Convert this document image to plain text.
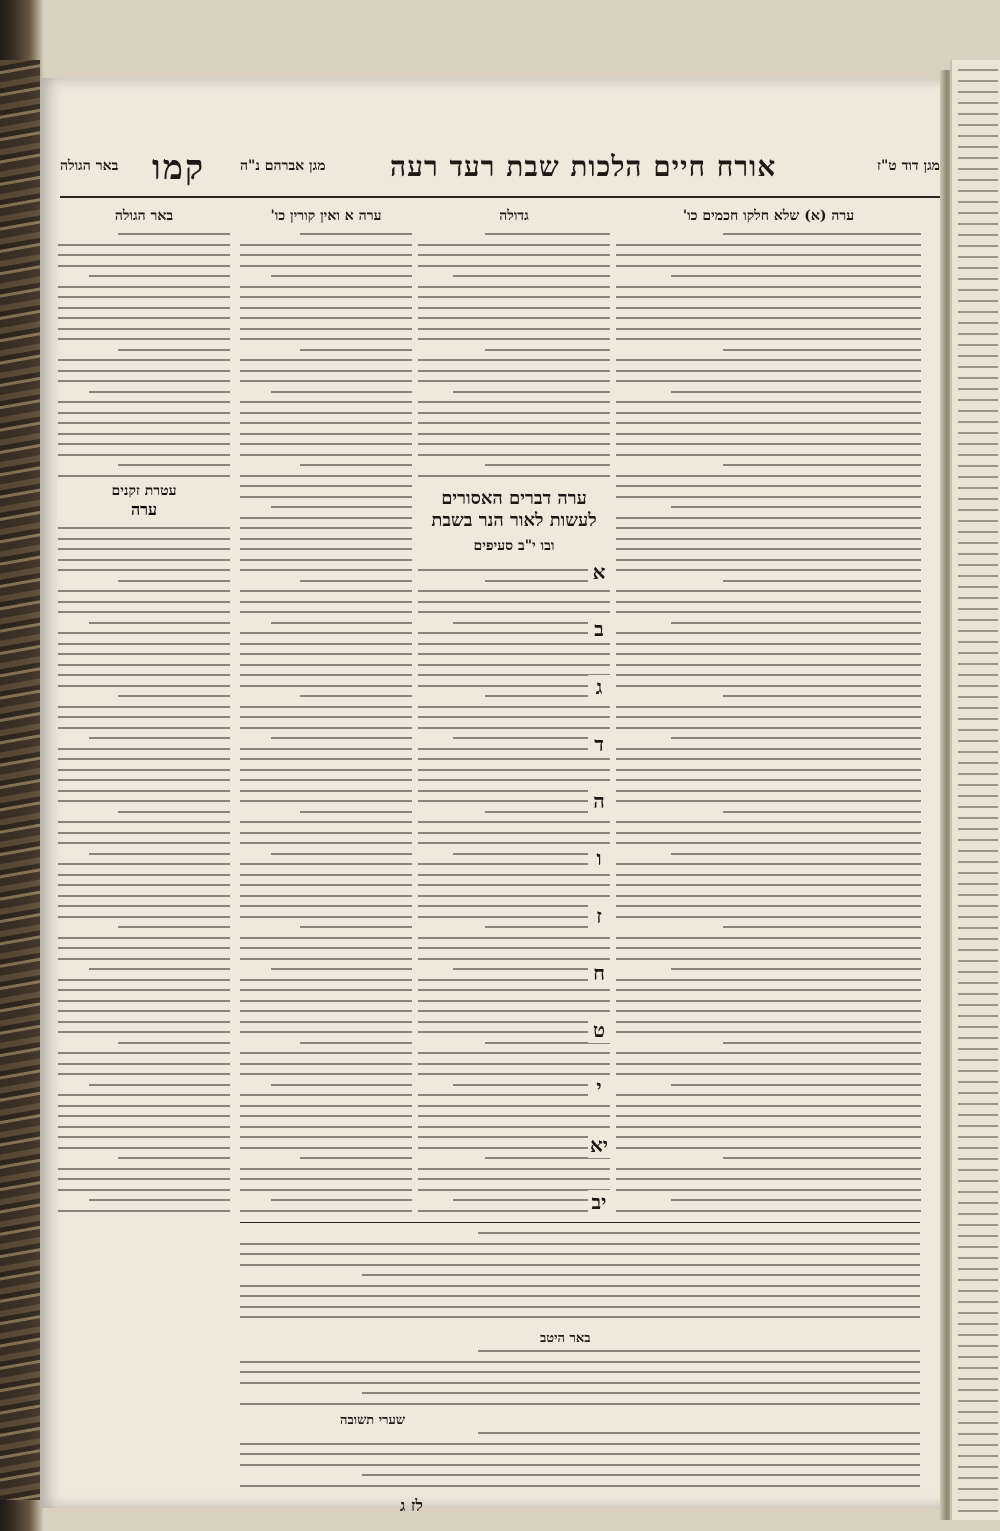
מגן דוד ט"ז
אורח חיים הלכות שבת רעד רעה
מגן אברהם נ"ה
קמו
באר הגולה
ערה (א) שלא חלקו חכמים כו'
גדולה
ערה א ואין קורין כו'
באר הגולה
ערה דברים האסורים לעשות לאור הנר בשבת
ובו י"ב סעיפים
עטרת זקנים
ערה
א
ב
ג
ד
ה
ו
ז
ח
ט
י
יא
יב
באר היטב
שערי תשובה
לז ג
